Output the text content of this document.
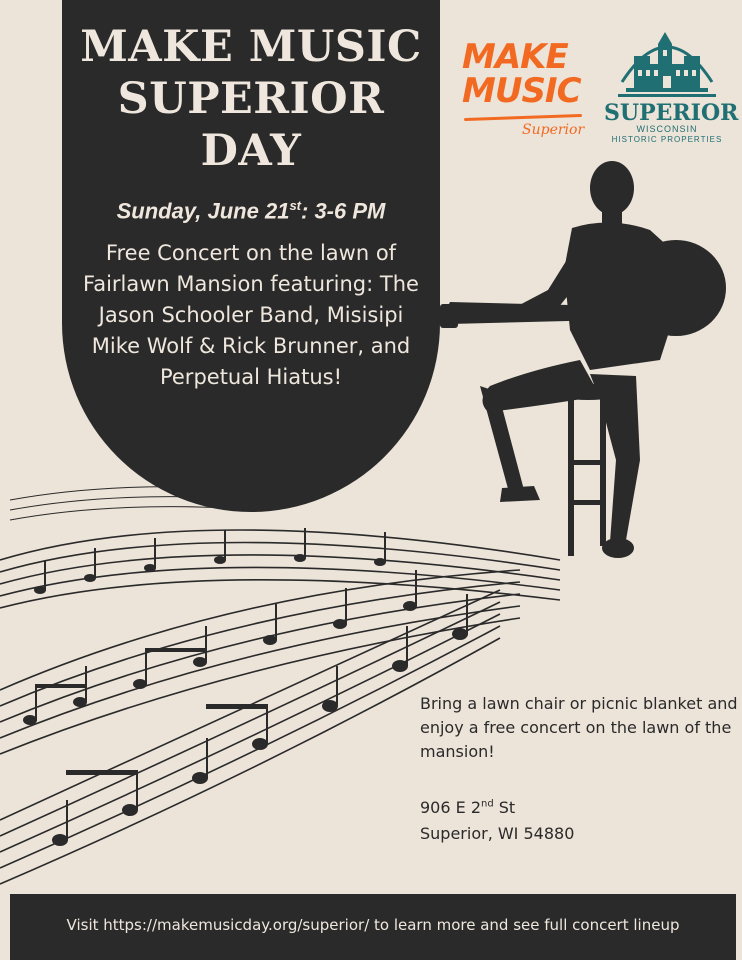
MAKE MUSIC
SUPERIOR
DAY
Sunday, June 21st: 3-6 PM
Free Concert on the lawn of Fairlawn Mansion featuring: The Jason Schooler Band, Misisipi Mike Wolf & Rick Brunner, and Perpetual Hiatus!
MAKE
MUSIC
Superior
SUPERIOR
WISCONSIN
HISTORIC PROPERTIES
Bring a lawn chair or picnic blanket and enjoy a free concert on the lawn of the mansion!
906 E 2nd St
Superior, WI 54880
Visit https://makemusicday.org/superior/ to learn more and see full concert lineup
